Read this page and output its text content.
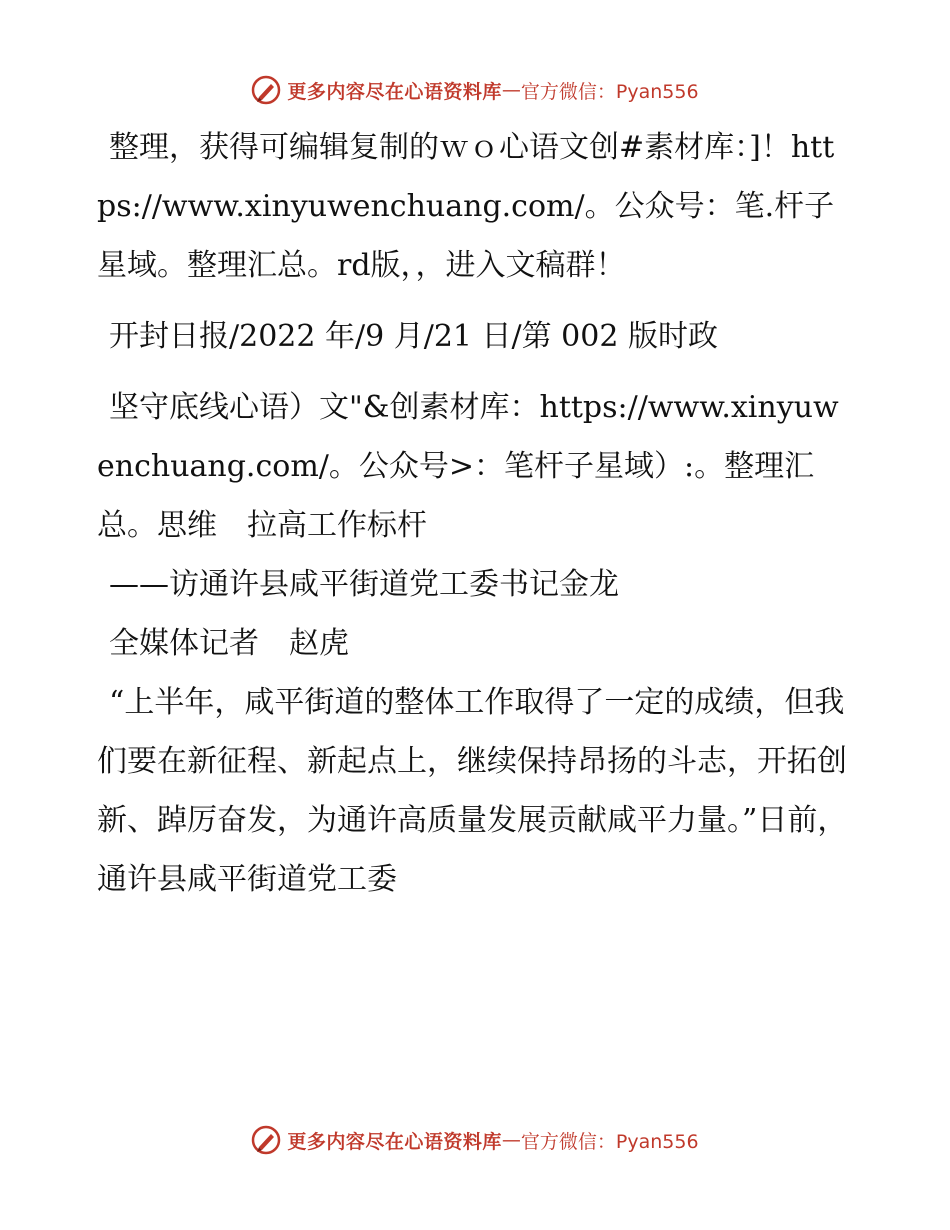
更多内容尽在心语资料库 — 官方微信：Pyan556

整理，获得可编辑复制的ｗｏ心语文创#素材库：]！https://www.xinyuwenchuang.com/。公众号：笔.杆子星域。整理汇总。rd版，，进入文稿群！

开封日报/2022 年/9 月/21 日/第 002 版时政

坚守底线心语）文"&创素材库：https://www.xinyuwenchuang.com/。公众号>：笔杆子星域）:。整理汇总。思维　拉高工作标杆

——访通许县咸平街道党工委书记金龙

全媒体记者　赵虎

“上半年，咸平街道的整体工作取得了一定的成绩，但我们要在新征程、新起点上，继续保持昂扬的斗志，开拓创新、踔厉奋发，为通许高质量发展贡献咸平力量。”日前，通许县咸平街道党工委

更多内容尽在心语资料库 — 官方微信：Pyan556
